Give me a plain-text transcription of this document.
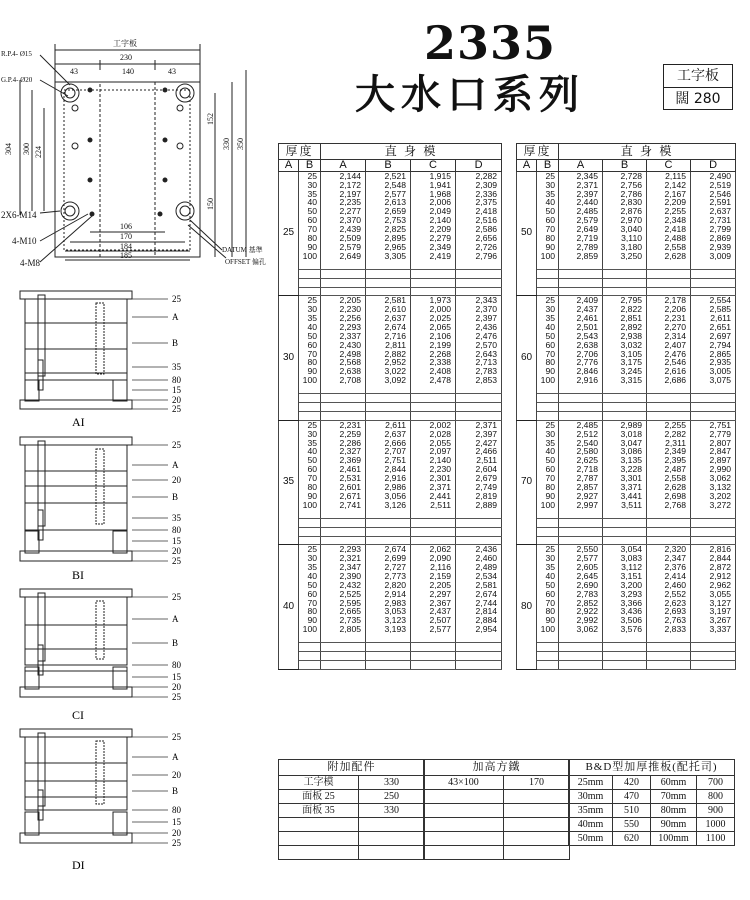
2335
大水口系列	工字板
闊 280
工字板
230
140
43	43
R.P.4- Ø15
G.P.4- Ø20
304 300 224
152
330 350
150
106
170
184
185
2X6-M14
4-M10
4-M8
DATUM 基準
OFFSET 偏孔
25
A
B
35
80
15
20
25
AI
25
A
20
B
35
80
15
20
25
BI
25
A
B
80
15
20
25
CI
25
A
20
B
80
15
20
25
DI
厚度		直 身 模			
A	B	A	B	C	D
25	25	2,144	2,521	1,915	2,282
	30	2,172	2,548	1,941	2,309
	35	2,197	2,577	1,968	2,336
	40	2,235	2,613	2,006	2,375
	50	2,277	2,659	2,049	2,418
	60	2,370	2,753	2,140	2,516
	70	2,439	2,825	2,209	2,586
	80	2,509	2,895	2,279	2,656
	90	2,579	2,965	2,349	2,726
	100	2,649	3,305	2,419	2,796

30	25	2,205	2,581	1,973	2,343
	30	2,230	2,610	2,000	2,370
	35	2,256	2,637	2,025	2,397
	40	2,293	2,674	2,065	2,436
	50	2,337	2,716	2,106	2,476
	60	2,430	2,811	2,199	2,570
	70	2,498	2,882	2,268	2,643
	80	2,568	2,952	2,338	2,713
	90	2,638	3,022	2,408	2,783
	100	2,708	3,092	2,478	2,853

35	25	2,231	2,611	2,002	2,371
	30	2,259	2,637	2,028	2,397
	35	2,286	2,666	2,055	2,427
	40	2,327	2,707	2,097	2,466
	50	2,369	2,751	2,140	2,511
	60	2,461	2,844	2,230	2,604
	70	2,531	2,916	2,301	2,679
	80	2,601	2,986	2,371	2,749
	90	2,671	3,056	2,441	2,819
	100	2,741	3,126	2,511	2,889

40	25	2,293	2,674	2,062	2,436
	30	2,321	2,699	2,090	2,460
	35	2,347	2,727	2,116	2,489
	40	2,390	2,773	2,159	2,534
	50	2,432	2,820	2,205	2,581
	60	2,525	2,914	2,297	2,674
	70	2,595	2,983	2,367	2,744
	80	2,665	3,053	2,437	2,814
	90	2,735	3,123	2,507	2,884
	100	2,805	3,193	2,577	2,954

厚度		直 身 模			
A	B	A	B	C	D
50	25	2,345	2,728	2,115	2,490
	30	2,371	2,756	2,142	2,519
	35	2,397	2,786	2,167	2,546
	40	2,440	2,830	2,209	2,591
	50	2,485	2,876	2,255	2,637
	60	2,579	2,970	2,348	2,731
	70	2,649	3,040	2,418	2,799
	80	2,719	3,110	2,488	2,869
	90	2,789	3,180	2,558	2,939
	100	2,859	3,250	2,628	3,009

60	25	2,409	2,795	2,178	2,554
	30	2,437	2,822	2,206	2,585
	35	2,461	2,851	2,231	2,611
	40	2,501	2,892	2,270	2,651
	50	2,543	2,938	2,314	2,697
	60	2,638	3,032	2,407	2,794
	70	2,706	3,105	2,476	2,865
	80	2,776	3,175	2,546	2,935
	90	2,846	3,245	2,616	3,005
	100	2,916	3,315	2,686	3,075

70	25	2,485	2,989	2,255	2,751
	30	2,512	3,018	2,282	2,779
	35	2,540	3,047	2,311	2,807
	40	2,580	3,086	2,349	2,847
	50	2,625	3,135	2,395	2,897
	60	2,718	3,228	2,487	2,990
	70	2,787	3,301	2,558	3,062
	80	2,857	3,371	2,628	3,132
	90	2,927	3,441	2,698	3,202
	100	2,997	3,511	2,768	3,272

80	25	2,550	3,054	2,320	2,816
	30	2,577	3,083	2,347	2,844
	35	2,605	3,112	2,376	2,872
	40	2,645	3,151	2,414	2,912
	50	2,690	3,200	2,460	2,962
	60	2,783	3,293	2,552	3,055
	70	2,852	3,366	2,623	3,127
	80	2,922	3,436	2,693	3,197
	90	2,992	3,506	2,763	3,267
	100	3,062	3,576	2,833	3,337

附加配件	
工字模	330
面板 25	250
面板 35	330

加高方鐵	
43×100	170

B&D型加厚推板(配托司)			
25mm	420	60mm	700
30mm	470	70mm	800
35mm	510	80mm	900
40mm	550	90mm	1000
50mm	620	100mm	1100
